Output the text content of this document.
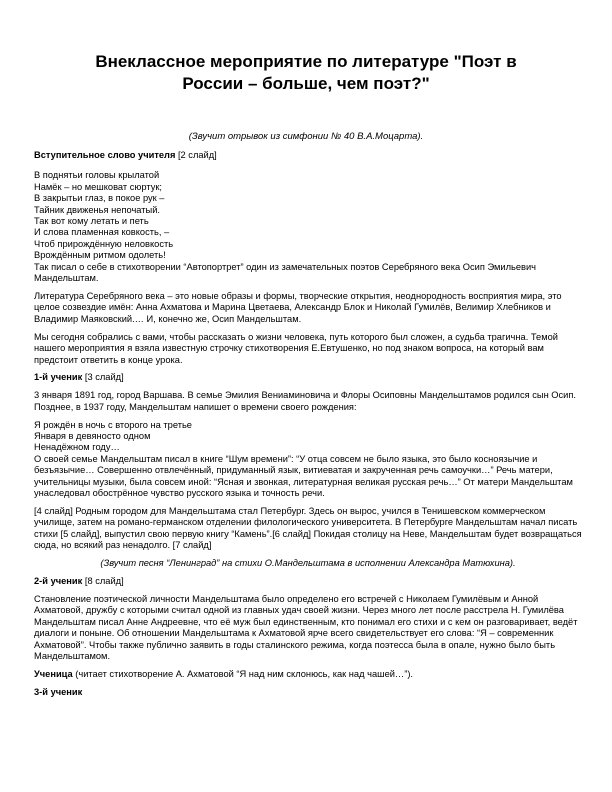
Внеклассное мероприятие по литературе "Поэт в
России – больше, чем поэт?"
(Звучит отрывок из симфонии № 40 В.А.Моцарта).

Вступительное слово учителя [2 слайд]

В поднятьи головы крылатой

Намёк – но мешковат сюртук;

В закрытьи глаз, в покое рук –

Тайник движенья непочатый.

Так вот кому летать и петь

И слова пламенная ковкость, –

Чтоб прирождённую неловкость

Врождённым ритмом одолеть!

Так писал о себе в стихотворении “Автопортрет” один из замечательных поэтов Серебряного века Осип Эмильевич Мандельштам.

Литература Серебряного века – это новые образы и формы, творческие открытия, неоднородность восприятия мира, это целое созвездие имён: Анна Ахматова и Марина Цветаева, Александр Блок и Николай Гумилёв, Велимир Хлебников и Владимир Маяковский.… И, конечно же, Осип Мандельштам.

Мы сегодня собрались с вами, чтобы рассказать о жизни человека, путь которого был сложен, а судьба трагична. Темой нашего мероприятия я взяла известную строчку стихотворения Е.Евтушенко, но под знаком вопроса, на который вам предстоит ответить в конце урока.

1-й ученик [3 слайд]

3 января 1891 год, город Варшава. В семье Эмилия Вениаминовича и Флоры Осиповны Мандельштамов родился сын Осип. Позднее, в 1937 году, Мандельштам напишет о времени своего рождения:

Я рождён в ночь с второго на третье

Января в девяносто одном

Ненадёжном году…

О своей семье Мандельштам писал в книге “Шум времени”: “У отца совсем не было языка, это было косноязычие и безъязычие… Совершенно отвлечённый, придуманный язык, витиеватая и закрученная речь самоучки…” Речь матери, учительницы музыки, была совсем иной: “Ясная и звонкая, литературная великая русская речь…” От матери Мандельштам унаследовал обострённое чувство русского языка и точность речи.

[4 слайд] Родным городом для Мандельштама стал Петербург. Здесь он вырос, учился в Тенишевском коммерческом училище, затем на романо-германском отделении филологического университета. В Петербурге Мандельштам начал писать стихи [5 слайд], выпустил свою первую книгу “Камень”.[6 слайд] Покидая столицу на Неве, Мандельштам будет возвращаться сюда, но всякий раз ненадолго. [7 слайд]

(Звучит песня “Ленинград” на стихи О.Мандельштама в исполнении Александра Матюхина).

2-й ученик [8 слайд]

Становление поэтической личности Мандельштама было определено его встречей с Николаем Гумилёвым и Анной Ахматовой, дружбу с которыми считал одной из главных удач своей жизни. Через много лет после расстрела Н. Гумилёва Мандельштам писал Анне Андреевне, что её муж был единственным, кто понимал его стихи и с кем он разговаривает, ведёт диалоги и поныне. Об отношении Мандельштама к Ахматовой ярче всего свидетельствует его слова: “Я – современник Ахматовой”. Чтобы также публично заявить в годы сталинского режима, когда поэтесса была в опале, нужно было быть Мандельштамом.

Ученица (читает стихотворение А. Ахматовой “Я над ним склонюсь, как над чашей…”).

3-й ученик
